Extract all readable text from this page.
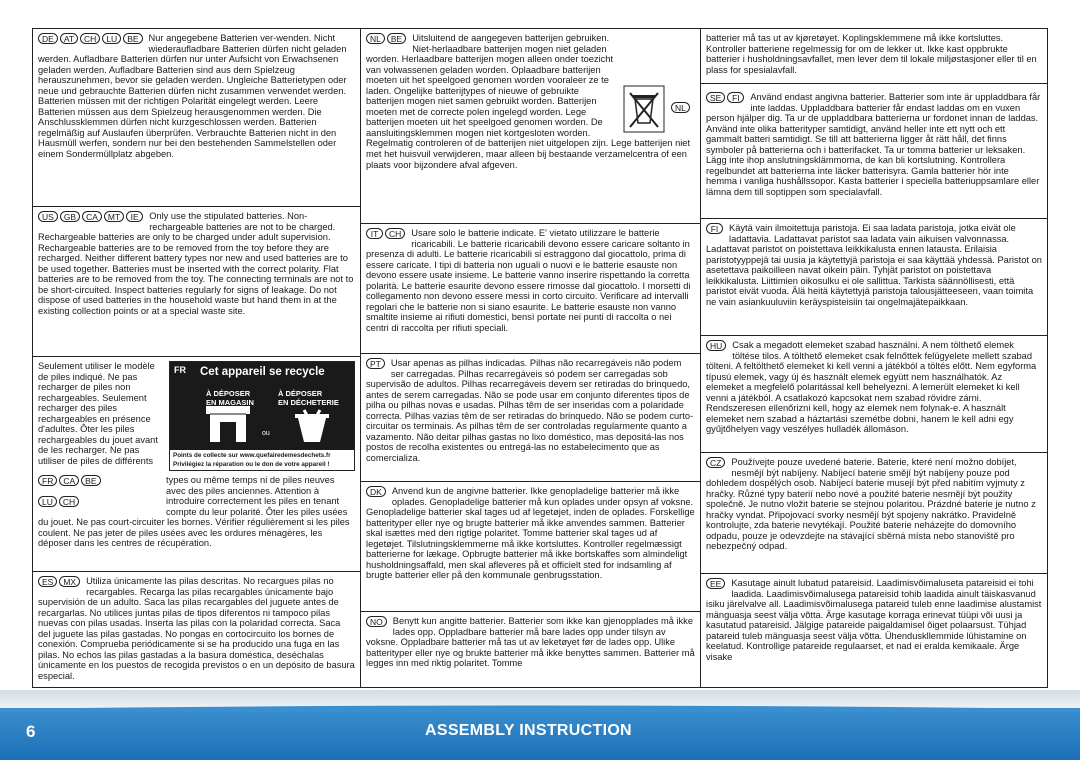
DE AT CH LU BE	Nur angegebene Batterien ver-wenden. Nicht wiederaufladbare Batterien dürfen nicht geladen werden. Aufladbare Batterien dürfen nur unter Aufsicht von Erwachsenen geladen werden. Aufladbare Batterien sind aus dem Spielzeug herauszunehmen, bevor sie geladen werden. Ungleiche Batterietypen oder neue und gebrauchte Batterien dürfen nicht zusammen verwendet werden. Batterien müssen mit der richtigen Polarität eingelegt werden. Leere Batterien müssen aus dem Spielzeug herausgenommen werden. Die Anschlussklemmen dürfen nicht kurzgeschlossen werden. Batterien regelmäßig auf Auslaufen überprüfen. Verbrauchte Batterien nicht in den Hausmüll werfen, sondern nur bei den bestehenden Sammelstellen oder einem Sondermüllplatz abgeben.

US GB CA MT IE	Only use the stipulated batteries. Non-rechargeable batteries are not to be charged. Rechargeable batteries are only to be charged under adult supervision. Rechargeable batteries are to be removed from the toy before they are recharged. Neither different battery types nor new and used batteries are to be used together. Batteries must be inserted with the correct polarity. Flat batteries are to be removed from the toy. The connecting terminals are not to be short-circuited. Inspect batteries regularly for signs of leakage. Do not dispose of used batteries in the household waste but hand them in at the existing collection points or at a special waste site.

FR Cet appareil se recycle
À DÉPOSER
EN MAGASIN
À DÉPOSER
EN DÉCHETERIE
ou
Points de collecte sur www.quefairedemesdechets.fr
Privilégiez la réparation ou le don de votre appareil !
FR CA BE
LU CH

Seulement utiliser le modèle de piles indiqué. Ne pas recharger de piles non rechargeables. Seulement recharger des piles rechargeables en présence d'adultes. Ôter les piles rechargeables du jouet avant de les recharger. Ne pas utiliser de piles de différents types ou même temps ni de piles neuves avec des piles anciennes. Attention à introduire correctement les piles en tenant compte du leur polarité. Ôter les piles usées du jouet. Ne pas court-circuiter les bornes. Vérifier régulièrement si les piles coulent. Ne pas jeter de piles usées avec les ordures ménagères, les déposer dans les centres de récupération.

ES MX	Utiliza únicamente las pilas descritas. No recargues pilas no recargables. Recarga las pilas recargables únicamente bajo supervisión de un adulto. Saca las pilas recargables del juguete antes de recargarlas. No utilices juntas pilas de tipos diferentos ni tampoco pilas nuevas con pilas usadas. Inserta las pilas con la polaridad correcta. Saca del juguete las pilas gastadas. No pongas en cortocircuito los bornes de conexión. Comprueba periódicamente si se ha producido una fuga en las pilas. No echos las pilas gastadas a la basura doméstica, deséchalas únicamente en los puestos de recogida previstos o en un depósito de basura especial.

NL
NL BE	Uitsluitend de aangegeven batterijen gebruiken. Niet-herlaadbare batterijen mogen niet geladen worden. Herlaadbare batterijen mogen alleen onder toezicht van volwassenen geladen worden. Oplaadbare batterijen moeten uit het speelgoed genomen worden vooraleer ze te laden. Ongelijke batterijtypes of nieuwe of gebruikte batterijen mogen niet samen gebruikt worden. Batterijen moeten met de correcte polen ingelegd worden. Lege batterijen moeten uit het speelgoed genomen worden. De aansluitingsklemmen mogen niet kortgesloten worden. Regelmatig controleren of de batterijen niet uitgelopen zijn. Lege batterijen niet met het huisvuil verwijderen, maar alleen bij bestaande verzamelcentra of een plaats voor bijzondere afval afgeven.

IT CH	Usare solo le batterie indicate. E' vietato utilizzare le batterie ricaricabili. Le batterie ricaricabili devono essere caricare soltanto in presenza di adulti. Le batterie ricaricabili si estraggono dal giocattolo, prima di essere caricate. I tipi di batteria non uguali o nuovi e le batterie esauste non devono essere usate insieme. Le batterie vanno inserire rispettando la corretta polarità. Le batterie esaurite devono essere rimosse dal giocattolo. I morsetti di collegamento non devono essere messi in corto circuito. Verificare ad intervalli regolari che le batterie non si siano esaurite. Le batterie esauste non vanno smaltite insieme ai rifiuti domestici, bensì portate nei punti di raccolta o nei centri di raccolta per rifiuti speciali.

PT	Usar apenas as pilhas indicadas. Pilhas não recarregáveis não podem ser carregadas. Pilhas recarregáveis só podem ser carregadas sob supervisão de adultos. Pilhas recarregáveis devem ser retiradas do brinquedo, antes de serem carregadas. Não se pode usar em conjunto diferentes tipos de pilha ou pilhas novas e usadas. Pilhas têm de ser inseridas com a polaridade correcta. Pilhas vazias têm de ser retiradas do brinquedo. Não se podem curto-circuitar os terminais. As pilhas têm de ser controladas regularmente quanto a vazamento. Não deitar pilhas gastas no lixo doméstico, mas depositá-las nos postos de recolha existentes ou entregá-las no estabelecimento que as comercializa.

DK	Anvend kun de angivne batterier. Ikke genopladelige batterier må ikke oplades. Genopladelige batterier må kun oplades under opsyn af voksne. Genopladelige batterier skal tages ud af legetøjet, inden de oplades. Forskellige batterityper eller nye og brugte batterier må ikke anvendes sammen. Batterier skal isættes med den rigtige polaritet. Tomme batterier skal tages ud af legetøjet. Tilslutningsklemmerne må ikke kortsluttes. Kontroller regelmæssigt batterierne for lækage. Opbrugte batterier må ikke bortskaffes som almindeligt husholdningsaffald, men skal afleveres på et officielt sted for indsamling af brugte batterier eller på den kommunale genbrugsstation.

NO	Benytt kun angitte batterier. Batterier som ikke kan gjenopplades må ikke lades opp. Oppladbare batterier må bare lades opp under tilsyn av voksne. Oppladbare batterier må tas ut av leketøyet før de lades opp. Ulike batterityper eller nye og brukte batterier må ikke benyttes sammen. Batterier må legges inn med riktig polaritet. Tomme

batterier må tas ut av kjøretøyet. Koplingsklemmene må ikke kortsluttes. Kontroller batteriene regelmessig for om de lekker ut. Ikke kast oppbrukte batterier i husholdningsavfallet, men lever dem til lokale miljøstasjoner eller til en plass for spesialavfall.

SE FI	Använd endast angivna batterier. Batterier som inte är uppladdbara får inte laddas. Uppladdbara batterier får endast laddas om en vuxen person hjälper dig. Ta ur de uppladdbara batterierna ur fordonet innan de laddas. Använd inte olika batterityper samtidigt, använd heller inte ett nytt och ett gammalt batteri samtidigt. Se till att batterierna ligger åt rätt håll, det finns symboler på batterierna och i batterifacket. Ta ur tomma batterier ur leksaken. Lägg inte ihop anslutningsklämmorna, de kan bli kortslutning. Kontrollera regelbundet att batterierna inte läcker batterisyra. Gamla batterier hör inte hemma i vanliga hushållssopor. Kasta batterier i speciella batteriuppsamlare eller lämna dem till soptippen som specialavfall.

FI	Käytä vain ilmoitettuja paristoja. Ei saa ladata paristoja, jotka eivät ole ladattavia. Ladattavat paristot saa ladata vain aikuisen valvonnassa. Ladattavat paristot on poistettava leikkikalusta ennen latausta. Erilaisia paristotyyppejä tai uusia ja käytettyjä paristoja ei saa käyttää yhdessä. Paristot on asetettava paikoilleen navat oikein päin. Tyhjät paristot on poistettava leikkikalusta. Liittimien oikosulku ei ole sallittua. Tarkista säännöllisesti, että paristot eivät vuoda. Älä heitä käytettyjä paristoja talousjätteeseen, vaan toimita ne vain asiankuuluviin keräyspisteisiin tai ongelmajätepaikkaan.

HU	Csak a megadott elemeket szabad használni. A nem tölthető elemek töltése tilos. A tölthető elemeket csak felnőttek felügyelete mellett szabad tölteni. A feltölthető elemeket ki kell venni a játékból a töltés előtt. Nem egyforma típusú elemek, vagy új és használt elemek együtt nem használhatók. Az elemeket a megfelelő polaritással kell behelyezni. A lemerült elemeket ki kell venni a játékból. A csatlakozó kapcsokat nem szabad rövidre zárni. Rendszeresen ellenőrizni kell, hogy az elemek nem folynak-e. A használt elemeket nem szabad a háztartási szemétbe dobni, hanem le kell adni egy gyűjtőhelyen vagy veszélyes hulladék állomáson.

CZ	Používejte pouze uvedené baterie. Baterie, které není možno dobíjet, nesmějí být nabíjeny. Nabíjecí baterie smějí být nabíjeny pouze pod dohledem dospělých osob. Nabíjecí baterie musejí být před nabitím vyjmuty z hračky. Různé typy baterií nebo nové a použité baterie nesmějí být použity společně. Je nutno vložit baterie se stejnou polaritou. Prázdné baterie je nutno z hračky vyndat. Připojovací svorky nesmějí být spojeny nakrátko. Pravidelně kontrolujte, zda baterie nevytékají. Použité baterie neházejte do domovního odpadu, pouze je odevzdejte na stávající sběrná místa nebo stanoviště pro nebezpečný odpad.

EE	Kasutage ainult lubatud patareisid. Laadimisvõimaluseta patareisid ei tohi laadida. Laadimisvõimalusega patareisid tohib laadida ainult täiskasvanud isiku järelvalve all. Laadimisvõimalusega patareid tuleb enne laadimise alustamist mänguasja seest välja võtta. Ärge kasutage korraga erinevat tüüpi või uusi ja kasutatud patareisid. Jälgige patareide paigaldamisel õiget polaarsust. Tühjad patareid tuleb mänguasja seest välja võtta. Ühenduskllemmide lühistamine on keelatud. Kontrollige patareide regulaarset, et nad ei eralda kemikaale. Ärge visake

6	ASSEMBLY INSTRUCTION
